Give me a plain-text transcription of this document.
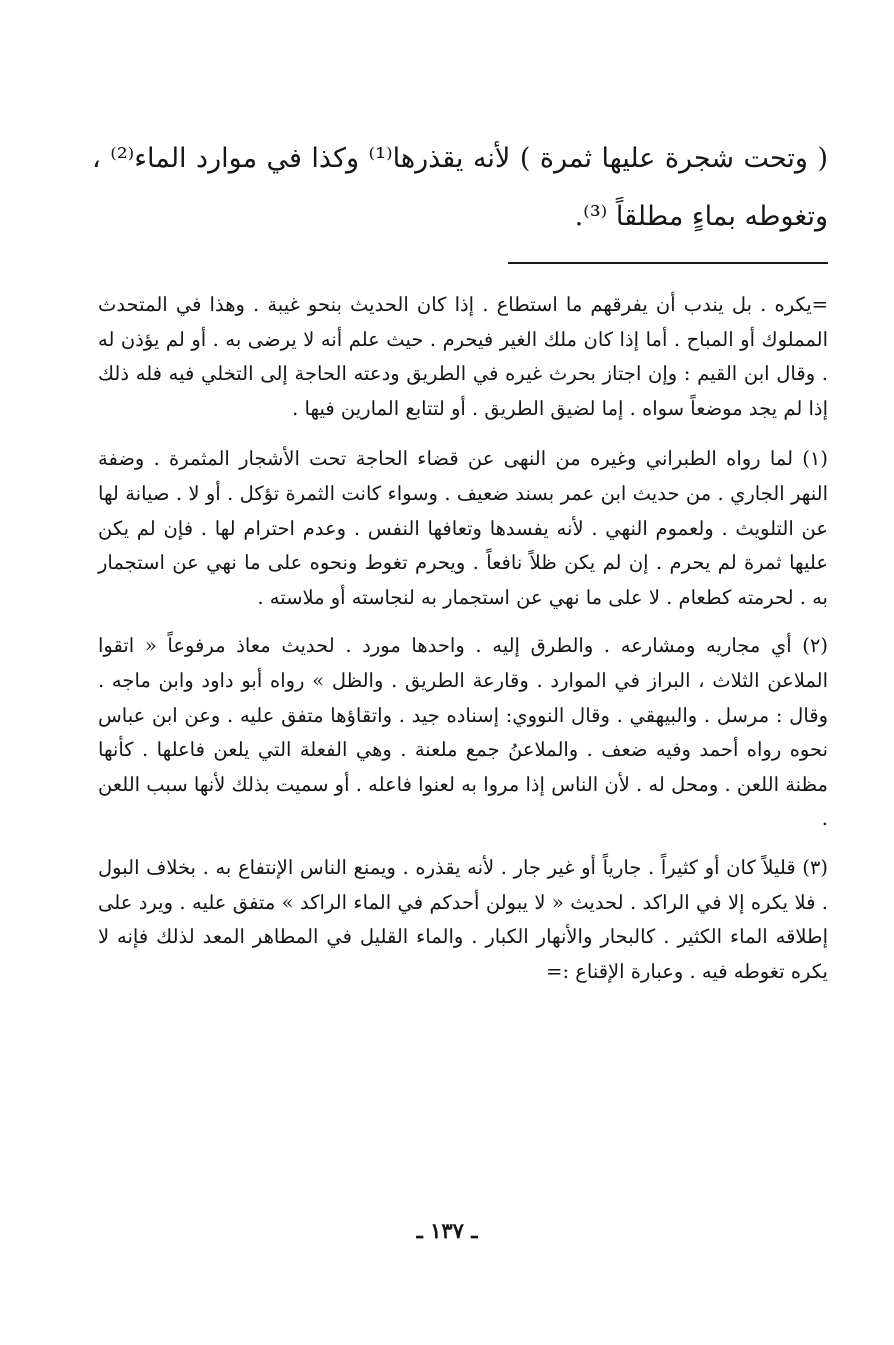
( وتحت شجرة عليها ثمرة ) لأنه يقذرها⁽¹⁾ وكذا في موارد الماء⁽²⁾ ، وتغوطه بماءٍ مطلقاً ⁽³⁾.

=يكره . بل يندب أن يفرقهم ما استطاع . إذا كان الحديث بنحو غيبة . وهذا في المتحدث المملوك أو المباح . أما إذا كان ملك الغير فيحرم . حيث علم أنه لا يرضى به . أو لم يؤذن له . وقال ابن القيم : وإن اجتاز بحرث غيره في الطريق ودعته الحاجة إلى التخلي فيه فله ذلك إذا لم يجد موضعاً سواه . إما لضيق الطريق . أو لتتابع المارين فيها .

(١) لما رواه الطبراني وغيره من النهى عن قضاء الحاجة تحت الأشجار المثمرة . وضفة النهر الجاري . من حديث ابن عمر بسند ضعيف . وسواء كانت الثمرة تؤكل . أو لا . صيانة لها عن التلويث . ولعموم النهي . لأنه يفسدها وتعافها النفس . وعدم احترام لها . فإن لم يكن عليها ثمرة لم يحرم . إن لم يكن ظلاً نافعاً . ويحرم تغوط ونحوه على ما نهي عن استجمار به . لحرمته كطعام . لا على ما نهي عن استجمار به لنجاسته أو ملاسته .

(٢) أي مجاريه ومشارعه . والطرق إليه . واحدها مورد . لحديث معاذ مرفوعاً « اتقوا الملاعن الثلاث ، البراز في الموارد . وقارعة الطريق . والظل » رواه أبو داود وابن ماجه . وقال : مرسل . والبيهقي . وقال النووي: إسناده جيد . واتقاؤها متفق عليه . وعن ابن عباس نحوه رواه أحمد وفيه ضعف . والملاعنُ جمع ملعنة . وهي الفعلة التي يلعن فاعلها . كأنها مظنة اللعن . ومحل له . لأن الناس إذا مروا به لعنوا فاعله . أو سميت بذلك لأنها سبب اللعن .

(٣) قليلاً كان أو كثيراً . جارياً أو غير جار . لأنه يقذره . ويمنع الناس الإنتفاع به . بخلاف البول . فلا يكره إلا في الراكد . لحديث « لا يبولن أحدكم في الماء الراكد » متفق عليه . ويرد على إطلاقه الماء الكثير . كالبحار والأنهار الكبار . والماء القليل في المطاهر المعد لذلك فإنه لا يكره تغوطه فيه . وعبارة الإقناع :=

ـ ١٣٧ ـ
